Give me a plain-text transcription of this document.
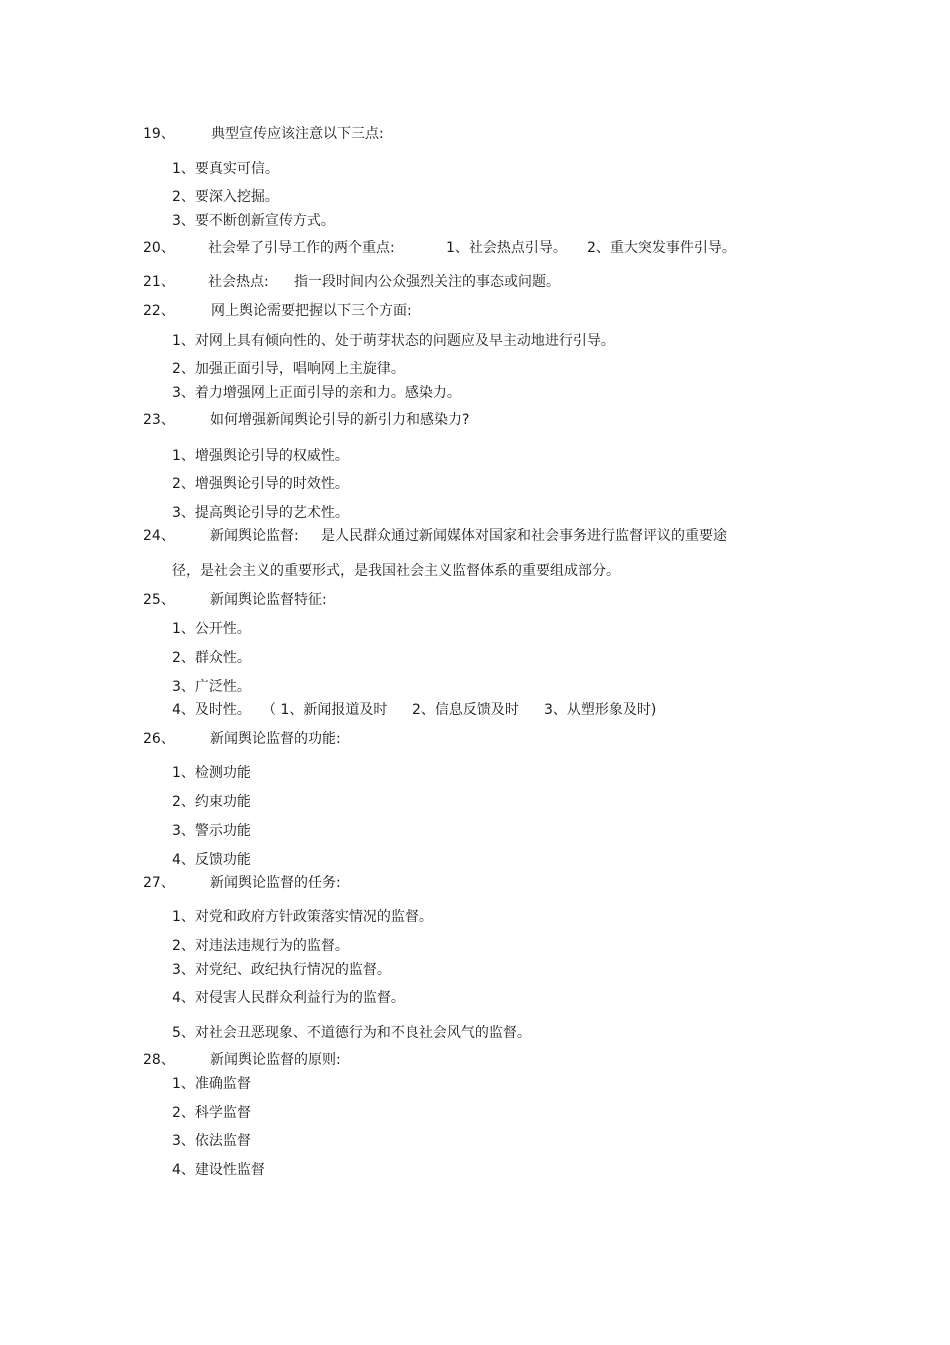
19、	典型宣传应该注意以下三点:
1、要真实可信。
2、要深入挖掘。
3、要不断创新宣传方式。
20、 社会晕了引导工作的两个重点:	1、社会热点引导。 2、重大突发事件引导。
21、 社会热点: 指一段时间内公众强烈关注的事态或问题。
22、	网上舆论需要把握以下三个方面:
1、对网上具有倾向性的、处于萌芽状态的问题应及早主动地进行引导。
2、加强正面引导，唱响网上主旋律。
3、着力增强网上正面引导的亲和力。感染力。
23、	如何增强新闻舆论引导的新引力和感染力?
1、增强舆论引导的权威性。
2、增强舆论引导的时效性。
3、提高舆论引导的艺术性。
24、	新闻舆论监督: 是人民群众通过新闻媒体对国家和社会事务进行监督评议的重要途
径，是社会主义的重要形式，是我国社会主义监督体系的重要组成部分。
25、	新闻舆论监督特征:
1、公开性。
2、群众性。
3、广泛性。
4、及时性。 （ 1、新闻报道及时 2、信息反馈及时 3、从塑形象及时)
26、	新闻舆论监督的功能:
1、检测功能
2、约束功能
3、警示功能
4、反馈功能
27、	新闻舆论监督的任务:
1、对党和政府方针政策落实情况的监督。
2、对违法违规行为的监督。
3、对党纪、政纪执行情况的监督。
4、对侵害人民群众利益行为的监督。
5、对社会丑恶现象、不道德行为和不良社会风气的监督。
28、	新闻舆论监督的原则:
1、准确监督
2、科学监督
3、依法监督
4、建设性监督
